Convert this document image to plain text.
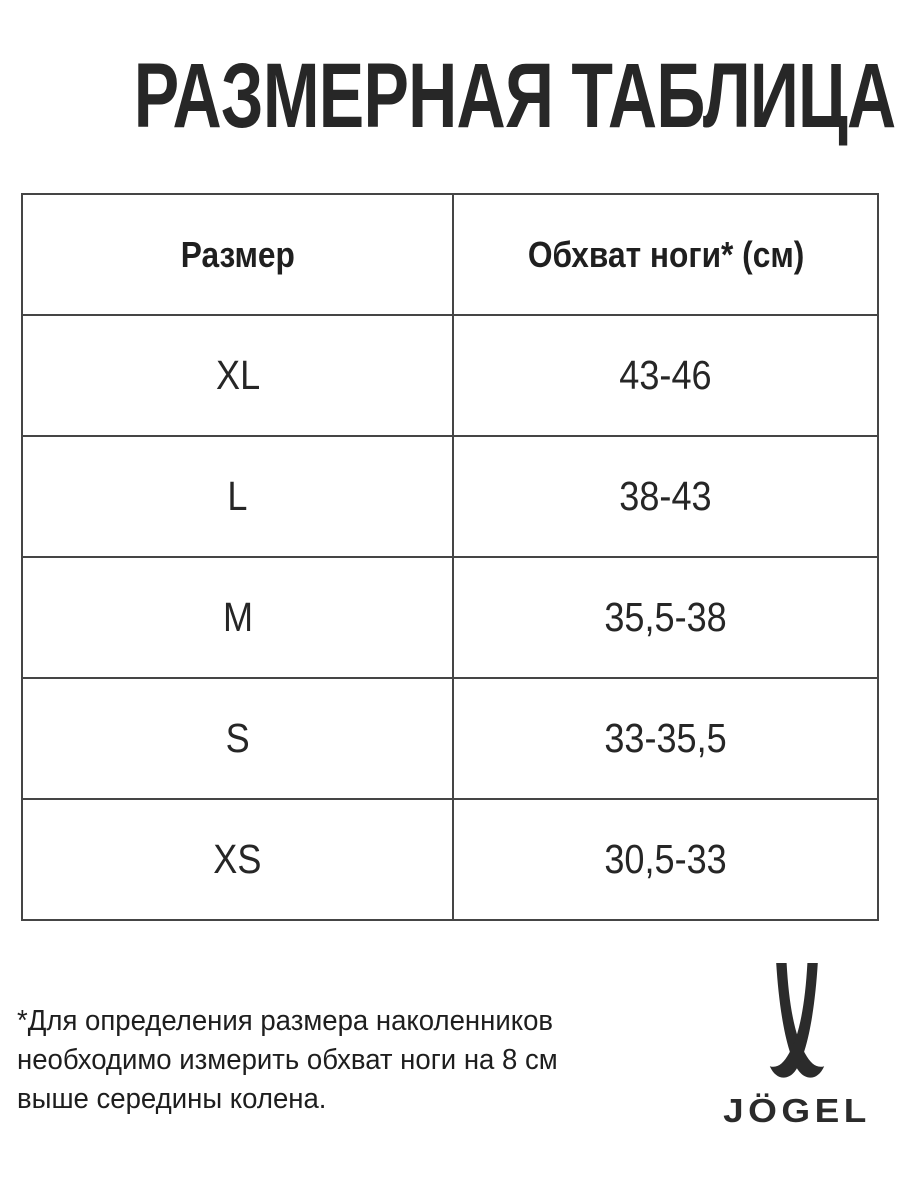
РАЗМЕРНАЯ ТАБЛИЦА
Размер	Обхват ноги* (см)
XL	43-46
L	38-43
M	35,5-38
S	33-35,5
XS	30,5-33
*Для определения размера наколенников
необходимо измерить обхват ноги на 8 см
выше середины колена.	JÖGEL
